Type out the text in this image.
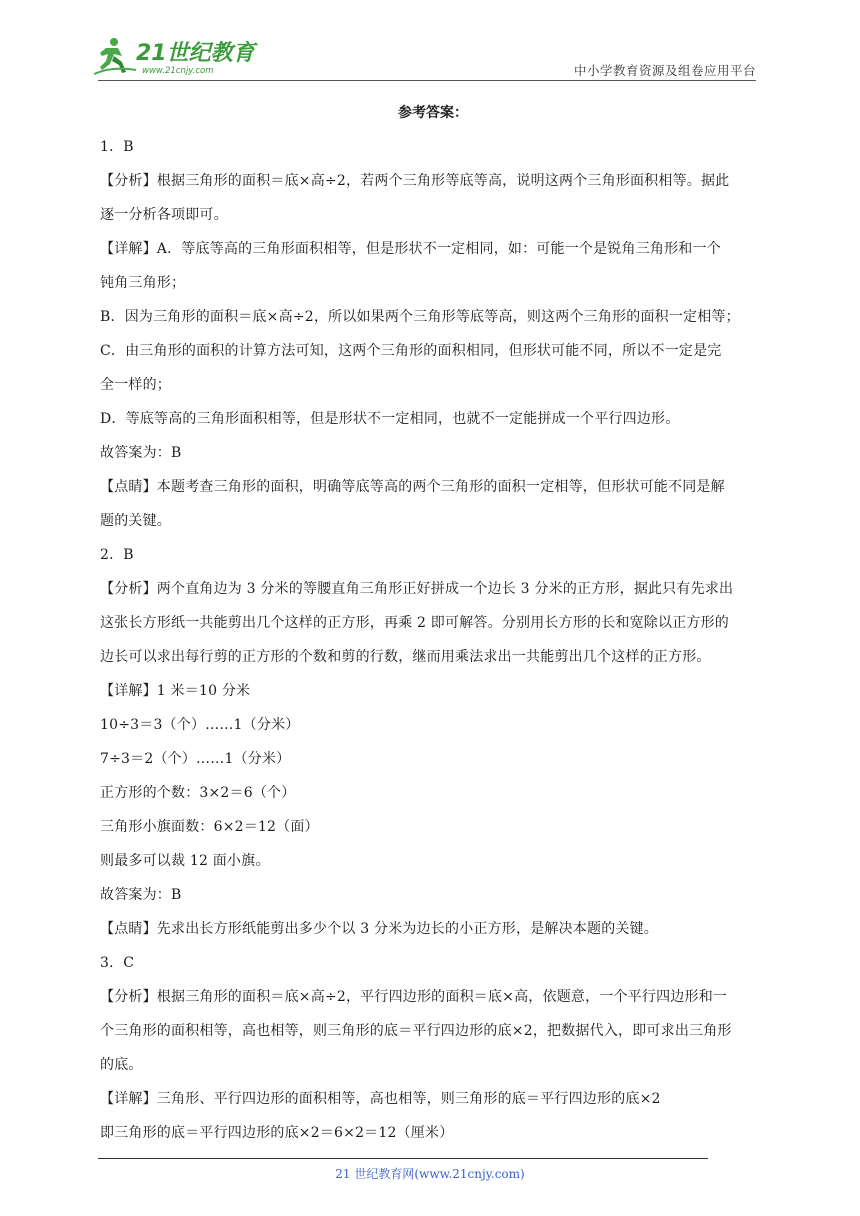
21世纪教育
www.21cnjy.com	中小学教育资源及组卷应用平台
参考答案：
1．B
【分析】根据三角形的面积＝底×高÷2，若两个三角形等底等高，说明这两个三角形面积相等。据此
逐一分析各项即可。
【详解】A．等底等高的三角形面积相等，但是形状不一定相同，如：可能一个是锐角三角形和一个
钝角三角形；
B．因为三角形的面积＝底×高÷2，所以如果两个三角形等底等高，则这两个三角形的面积一定相等；
C．由三角形的面积的计算方法可知，这两个三角形的面积相同，但形状可能不同，所以不一定是完
全一样的；
D．等底等高的三角形面积相等，但是形状不一定相同，也就不一定能拼成一个平行四边形。
故答案为：B
【点睛】本题考查三角形的面积，明确等底等高的两个三角形的面积一定相等，但形状可能不同是解
题的关键。
2．B
【分析】两个直角边为 3 分米的等腰直角三角形正好拼成一个边长 3 分米的正方形，据此只有先求出
这张长方形纸一共能剪出几个这样的正方形，再乘 2 即可解答。分别用长方形的长和宽除以正方形的
边长可以求出每行剪的正方形的个数和剪的行数，继而用乘法求出一共能剪出几个这样的正方形。
【详解】1 米＝10 分米
10÷3＝3（个）……1（分米）
7÷3＝2（个）……1（分米）
正方形的个数：3×2＝6（个）
三角形小旗面数：6×2＝12（面）
则最多可以裁 12 面小旗。
故答案为：B
【点睛】先求出长方形纸能剪出多少个以 3 分米为边长的小正方形，是解决本题的关键。
3．C
【分析】根据三角形的面积＝底×高÷2，平行四边形的面积＝底×高，依题意，一个平行四边形和一
个三角形的面积相等，高也相等，则三角形的底＝平行四边形的底×2，把数据代入，即可求出三角形
的底。
【详解】三角形、平行四边形的面积相等，高也相等，则三角形的底＝平行四边形的底×2
即三角形的底＝平行四边形的底×2＝6×2＝12（厘米）
21 世纪教育网(www.21cnjy.com)
